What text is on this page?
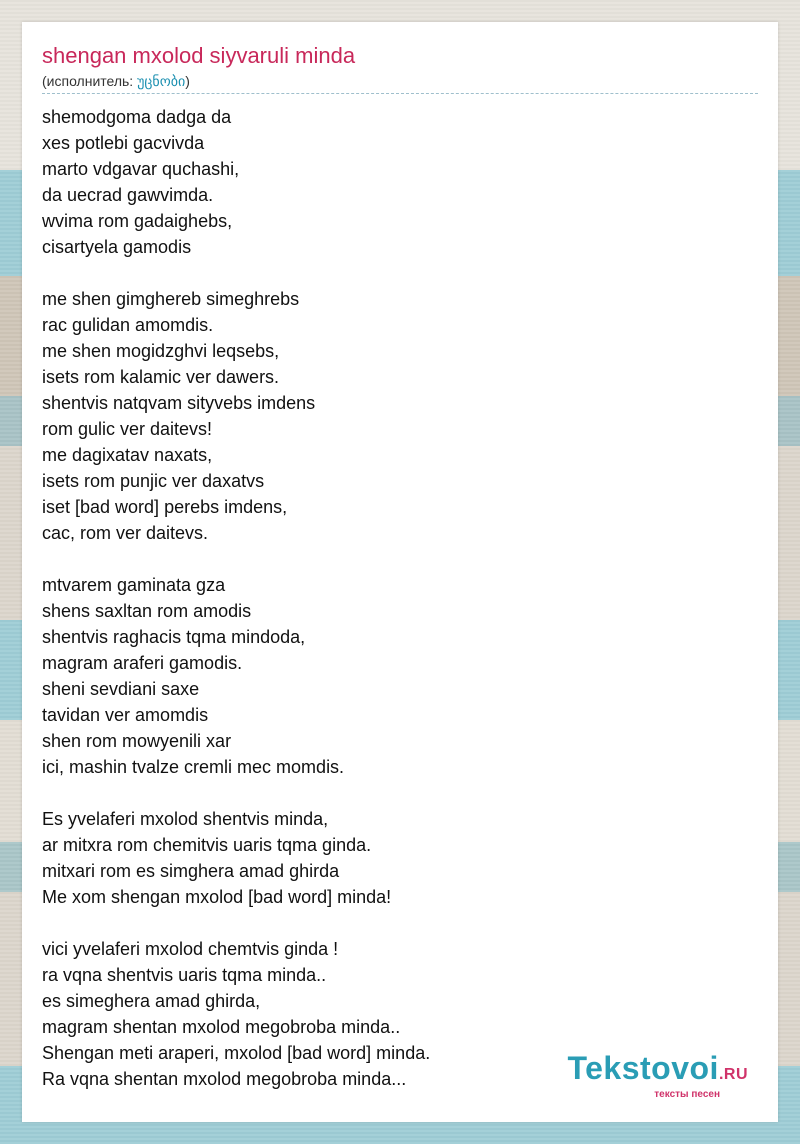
shengan mxolod siyvaruli minda
(исполнитель: უცნობი)
shemodgoma dadga da
xes potlebi gacvivda
marto vdgavar quchashi,
da uecrad gawvimda.
wvima rom gadaighebs,
cisartyela gamodis
me shen gimghereb simeghrebs
rac gulidan amomdis.
me shen mogidzghvi leqsebs,
isets rom kalamic ver dawers.
shentvis natqvam sityvebs imdens
rom gulic ver daitevs!
me dagixatav naxats,
isets rom punjic ver daxatvs
iset [bad word] perebs imdens,
cac, rom ver daitevs.
mtvarem gaminata gza
shens saxltan rom amodis
shentvis raghacis tqma mindoda,
magram araferi gamodis.
sheni sevdiani saxe
tavidan ver amomdis
shen rom mowyenili xar
ici, mashin tvalze cremli mec momdis.
Es yvelaferi mxolod shentvis minda,
ar mitxra rom chemitvis uaris tqma ginda.
mitxari rom es simghera amad ghirda
Me xom shengan mxolod [bad word] minda!
vici yvelaferi mxolod chemtvis ginda !
ra vqna shentvis uaris tqma minda..
es simeghera amad ghirda,
magram shentan mxolod megobroba minda..
Shengan meti araperi, mxolod [bad word] minda.
Ra vqna shentan mxolod megobroba minda...	Tekstovoi.RU
тексты песен
